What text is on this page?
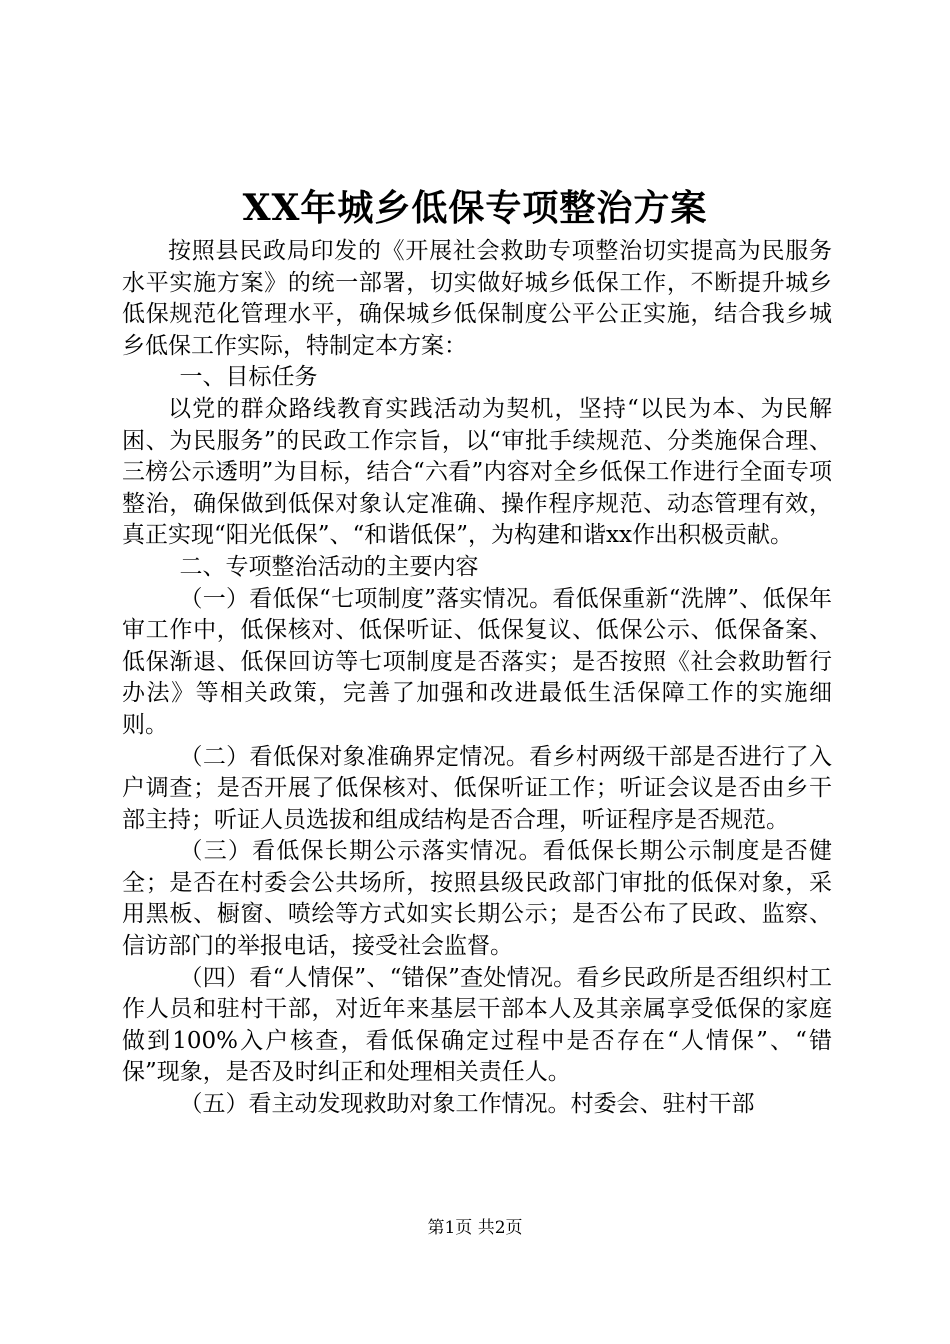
XX年城乡低保专项整治方案

按照县民政局印发的《开展社会救助专项整治切实提高为民服务水平实施方案》的统一部署，切实做好城乡低保工作，不断提升城乡低保规范化管理水平，确保城乡低保制度公平公正实施，结合我乡城乡低保工作实际，特制定本方案：

一、目标任务

以党的群众路线教育实践活动为契机，坚持“以民为本、为民解困、为民服务”的民政工作宗旨，以“审批手续规范、分类施保合理、三榜公示透明”为目标，结合“六看”内容对全乡低保工作进行全面专项整治，确保做到低保对象认定准确、操作程序规范、动态管理有效，真正实现“阳光低保”、“和谐低保”，为构建和谐xx作出积极贡献。

二、专项整治活动的主要内容

（一）看低保“七项制度”落实情况。看低保重新“洗牌”、低保年审工作中，低保核对、低保听证、低保复议、低保公示、低保备案、低保渐退、低保回访等七项制度是否落实；是否按照《社会救助暂行办法》等相关政策，完善了加强和改进最低生活保障工作的实施细则。

（二）看低保对象准确界定情况。看乡村两级干部是否进行了入户调查；是否开展了低保核对、低保听证工作；听证会议是否由乡干部主持；听证人员选拔和组成结构是否合理，听证程序是否规范。

（三）看低保长期公示落实情况。看低保长期公示制度是否健全；是否在村委会公共场所，按照县级民政部门审批的低保对象，采用黑板、橱窗、喷绘等方式如实长期公示；是否公布了民政、监察、信访部门的举报电话，接受社会监督。

（四）看“人情保”、“错保”查处情况。看乡民政所是否组织村工作人员和驻村干部，对近年来基层干部本人及其亲属享受低保的家庭做到100%入户核查，看低保确定过程中是否存在“人情保”、“错保”现象，是否及时纠正和处理相关责任人。

（五）看主动发现救助对象工作情况。村委会、驻村干部

第1页 共2页
